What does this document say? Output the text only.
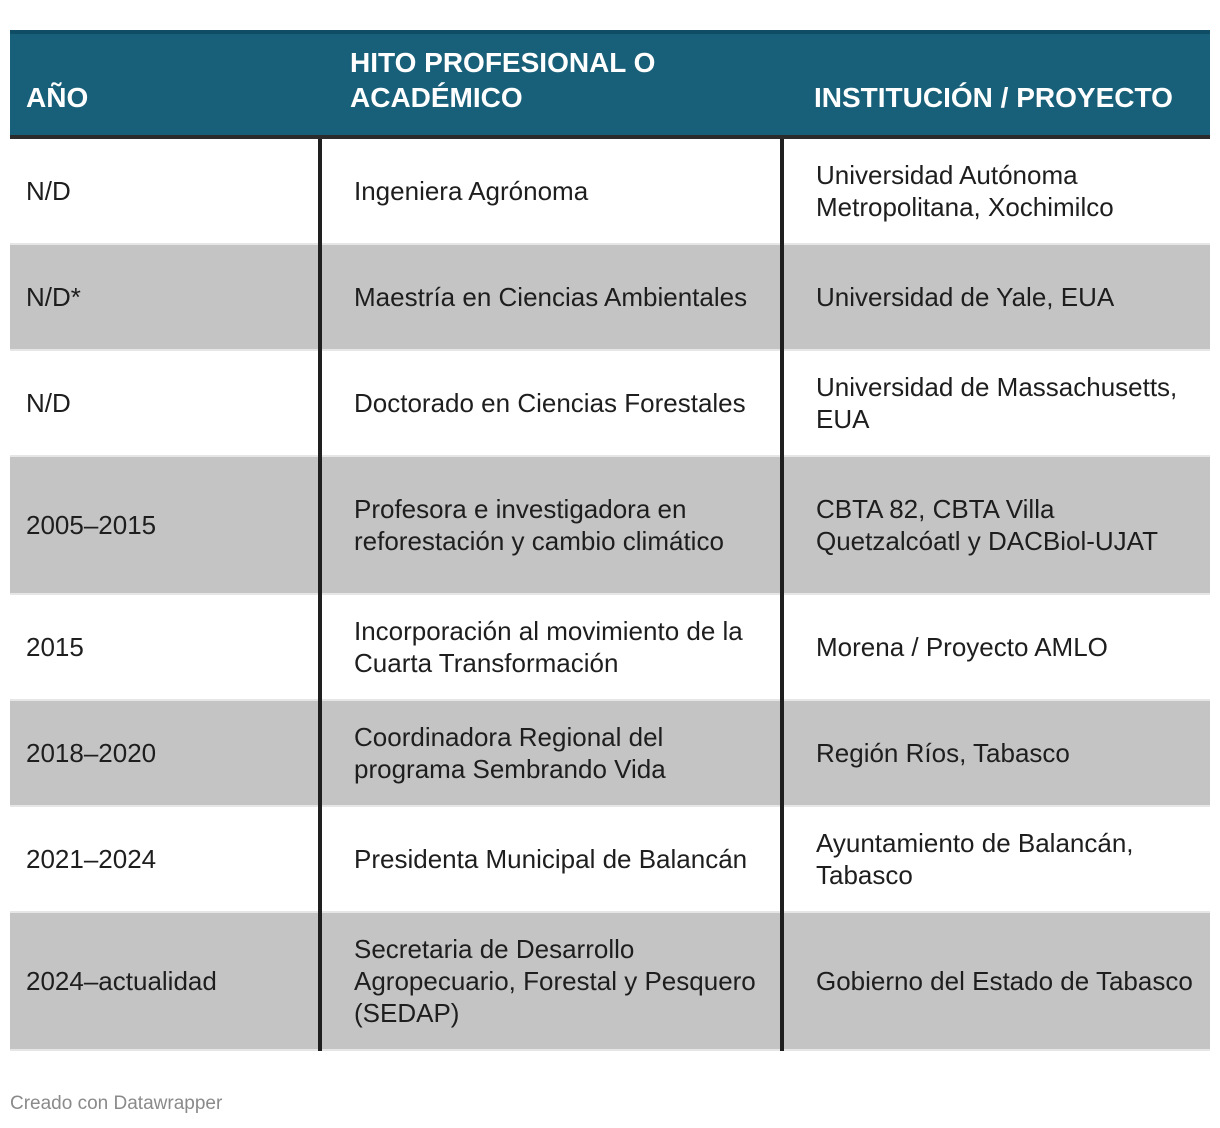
AÑO	HITO PROFESIONAL O ACADÉMICO	INSTITUCIÓN / PROYECTO
N/D	Ingeniera Agrónoma	Universidad Autónoma Metropolitana, Xochimilco
N/D*	Maestría en Ciencias Ambientales	Universidad de Yale, EUA
N/D	Doctorado en Ciencias Forestales	Universidad de Massachusetts, EUA
2005–2015	Profesora e investigadora en reforestación y cambio climático	CBTA 82, CBTA Villa Quetzalcóatl y DACBiol-UJAT
2015	Incorporación al movimiento de la Cuarta Transformación	Morena / Proyecto AMLO
2018–2020	Coordinadora Regional del programa Sembrando Vida	Región Ríos, Tabasco
2021–2024	Presidenta Municipal de Balancán	Ayuntamiento de Balancán, Tabasco
2024–actualidad	Secretaria de Desarrollo Agropecuario, Forestal y Pesquero (SEDAP)	Gobierno del Estado de Tabasco
Creado con Datawrapper
